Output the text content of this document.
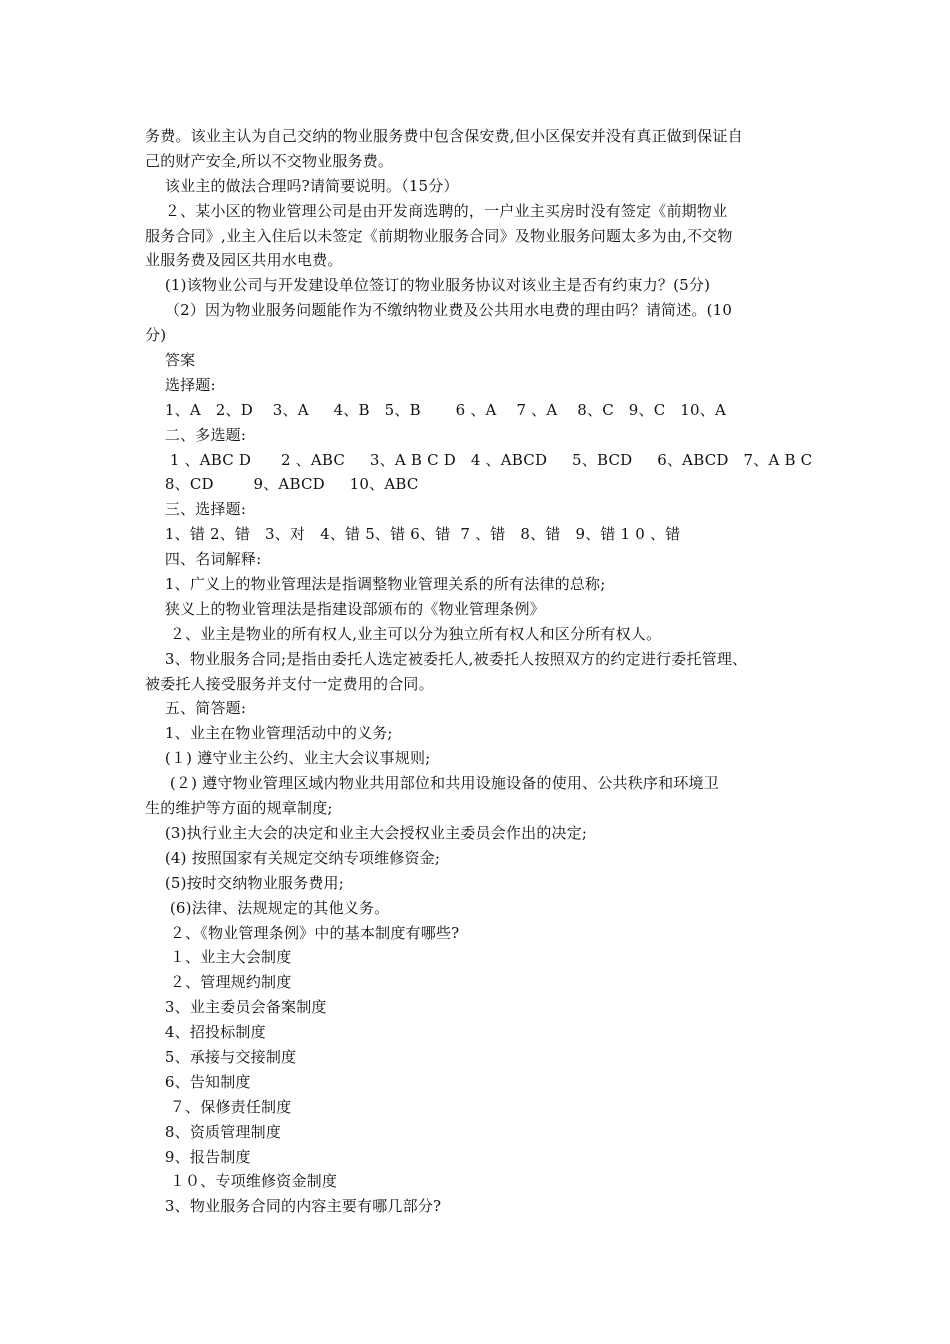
务费。该业主认为自己交纳的物业服务费中包含保安费,但小区保安并没有真正做到保证自
己的财产安全,所以不交物业服务费。
该业主的做法合理吗?请简要说明。（15分）
２、某小区的物业管理公司是由开发商选聘的，一户业主买房时没有签定《前期物业
服务合同》,业主入住后以未签定《前期物业服务合同》及物业服务问题太多为由,不交物
业服务费及园区共用水电费。
(1)该物业公司与开发建设单位签订的物业服务协议对该业主是否有约束力？(5分)
（2）因为物业服务问题能作为不缴纳物业费及公共用水电费的理由吗？请简述。(10
分)
答案
选择题:
1、A   2、D    3、A     4、B   5、B       6 、A    7 、A    8、C   9、C   10、A
二、多选题:
1 、ABC D      2 、ABC     3、A B C D   4 、ABCD     5、BCD     6、ABCD   7、A B C
8、CD        9、ABCD     10、ABC
三、选择题:
1、错 2、错   3、对   4、错 5、错 6、错  7 、错   8、错   9、错 1 0 、错
四、名词解释:
1、广义上的物业管理法是指调整物业管理关系的所有法律的总称;
狭义上的物业管理法是指建设部颁布的《物业管理条例》
２、业主是物业的所有权人,业主可以分为独立所有权人和区分所有权人。
3、物业服务合同;是指由委托人选定被委托人,被委托人按照双方的约定进行委托管理、
被委托人接受服务并支付一定费用的合同。
五、简答题:
1、业主在物业管理活动中的义务;
(１) 遵守业主公约、业主大会议事规则;
(２) 遵守物业管理区域内物业共用部位和共用设施设备的使用、公共秩序和环境卫
生的维护等方面的规章制度;
(3)执行业主大会的决定和业主大会授权业主委员会作出的决定;
(4) 按照国家有关规定交纳专项维修资金;
(5)按时交纳物业服务费用;
(6)法律、法规规定的其他义务。
２、《物业管理条例》中的基本制度有哪些?
１、业主大会制度
２、管理规约制度
3、业主委员会备案制度
4、招投标制度
5、承接与交接制度
6、告知制度
７、保修责任制度
8、资质管理制度
9、报告制度
１０、专项维修资金制度
3、物业服务合同的内容主要有哪几部分?
